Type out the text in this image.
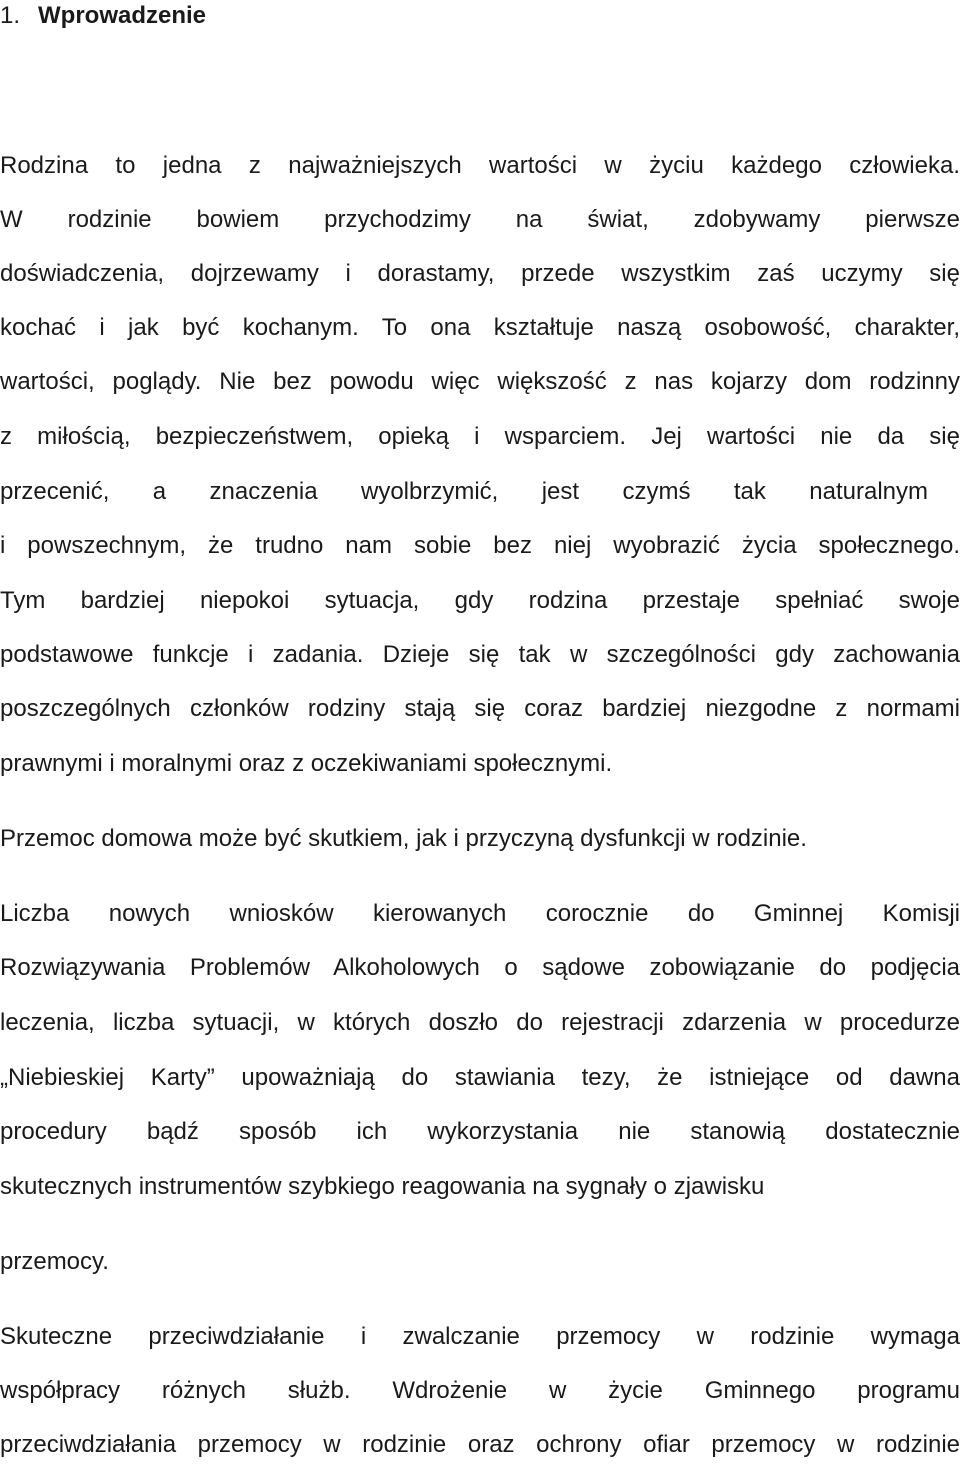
1. Wprowadzenie
Rodzina to jedna z najważniejszych wartości w życiu każdego człowieka.
W rodzinie bowiem przychodzimy na świat, zdobywamy pierwsze
doświadczenia, dojrzewamy i dorastamy, przede wszystkim zaś uczymy się
kochać i jak być kochanym. To ona kształtuje naszą osobowość, charakter,
wartości, poglądy. Nie bez powodu więc większość z nas kojarzy dom rodzinny
z miłością, bezpieczeństwem, opieką i wsparciem. Jej wartości nie da się
przecenić, a znaczenia wyolbrzymić, jest czymś tak naturalnym
i powszechnym, że trudno nam sobie bez niej wyobrazić życia społecznego.
Tym bardziej niepokoi sytuacja, gdy rodzina przestaje spełniać swoje
podstawowe funkcje i zadania. Dzieje się tak w szczególności gdy zachowania
poszczególnych członków rodziny stają się coraz bardziej niezgodne z normami
prawnymi i moralnymi oraz z oczekiwaniami społecznymi.
Przemoc domowa może być skutkiem, jak i przyczyną dysfunkcji w rodzinie.
Liczba nowych wniosków kierowanych corocznie do Gminnej Komisji
Rozwiązywania Problemów Alkoholowych o sądowe zobowiązanie do podjęcia
leczenia, liczba sytuacji, w których doszło do rejestracji zdarzenia w procedurze
„Niebieskiej Karty” upoważniają do stawiania tezy, że istniejące od dawna
procedury bądź sposób ich wykorzystania nie stanowią dostatecznie
skutecznych instrumentów szybkiego reagowania na sygnały o zjawisku
przemocy.
Skuteczne przeciwdziałanie i zwalczanie przemocy w rodzinie wymaga
współpracy różnych służb. Wdrożenie w życie Gminnego programu
przeciwdziałania przemocy w rodzinie oraz ochrony ofiar przemocy w rodzinie
